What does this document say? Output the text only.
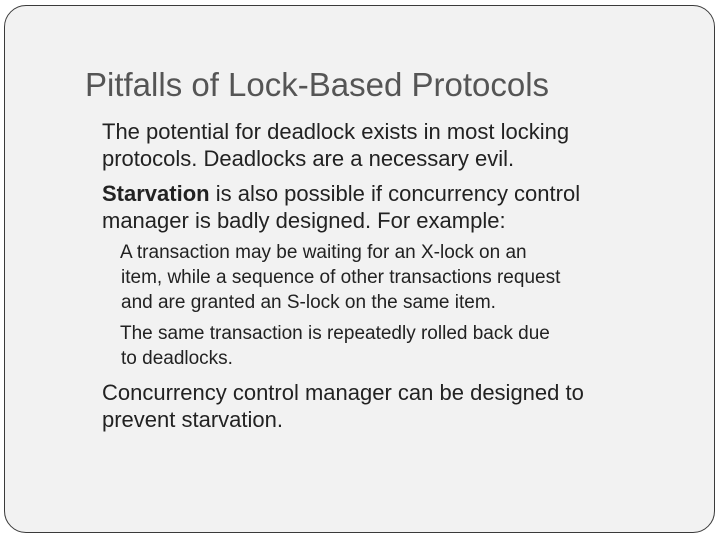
Pitfalls of Lock-Based Protocols
The potential for deadlock exists in most locking
protocols. Deadlocks are a necessary evil.
Starvation is also possible if concurrency control
manager is badly designed. For example:
A transaction may be waiting for an X-lock on an
item, while a sequence of other transactions request
and are granted an S-lock on the same item.
The same transaction is repeatedly rolled back due
to deadlocks.
Concurrency control manager can be designed to
prevent starvation.
